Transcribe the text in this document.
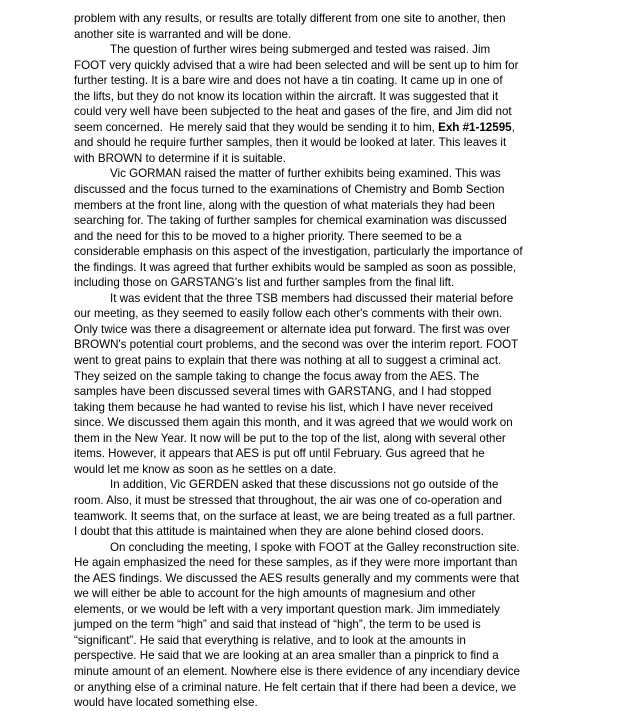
problem with any results, or results are totally different from one site to another, then
another site is warranted and will be done.
The question of further wires being submerged and tested was raised. Jim
FOOT very quickly advised that a wire had been selected and will be sent up to him for
further testing. It is a bare wire and does not have a tin coating. It came up in one of
the lifts, but they do not know its location within the aircraft. It was suggested that it
could very well have been subjected to the heat and gases of the fire, and Jim did not
seem concerned.  He merely said that they would be sending it to him, Exh #1-12595,
and should he require further samples, then it would be looked at later. This leaves it
with BROWN to determine if it is suitable.
Vic GORMAN raised the matter of further exhibits being examined. This was
discussed and the focus turned to the examinations of Chemistry and Bomb Section
members at the front line, along with the question of what materials they had been
searching for. The taking of further samples for chemical examination was discussed
and the need for this to be moved to a higher priority. There seemed to be a
considerable emphasis on this aspect of the investigation, particularly the importance of
the findings. It was agreed that further exhibits would be sampled as soon as possible,
including those on GARSTANG's list and further samples from the final lift.
It was evident that the three TSB members had discussed their material before
our meeting, as they seemed to easily follow each other's comments with their own.
Only twice was there a disagreement or alternate idea put forward. The first was over
BROWN's potential court problems, and the second was over the interim report. FOOT
went to great pains to explain that there was nothing at all to suggest a criminal act.
They seized on the sample taking to change the focus away from the AES. The
samples have been discussed several times with GARSTANG, and I had stopped
taking them because he had wanted to revise his list, which I have never received
since. We discussed them again this month, and it was agreed that we would work on
them in the New Year. It now will be put to the top of the list, along with several other
items. However, it appears that AES is put off until February. Gus agreed that he
would let me know as soon as he settles on a date.
In addition, Vic GERDEN asked that these discussions not go outside of the
room. Also, it must be stressed that throughout, the air was one of co-operation and
teamwork. It seems that, on the surface at least, we are being treated as a full partner.
I doubt that this attitude is maintained when they are alone behind closed doors.
On concluding the meeting, I spoke with FOOT at the Galley reconstruction site.
He again emphasized the need for these samples, as if they were more important than
the AES findings. We discussed the AES results generally and my comments were that
we will either be able to account for the high amounts of magnesium and other
elements, or we would be left with a very important question mark. Jim immediately
jumped on the term “high” and said that instead of “high”, the term to be used is
“significant”. He said that everything is relative, and to look at the amounts in
perspective. He said that we are looking at an area smaller than a pinprick to find a
minute amount of an element. Nowhere else is there evidence of any incendiary device
or anything else of a criminal nature. He felt certain that if there had been a device, we
would have located something else.
